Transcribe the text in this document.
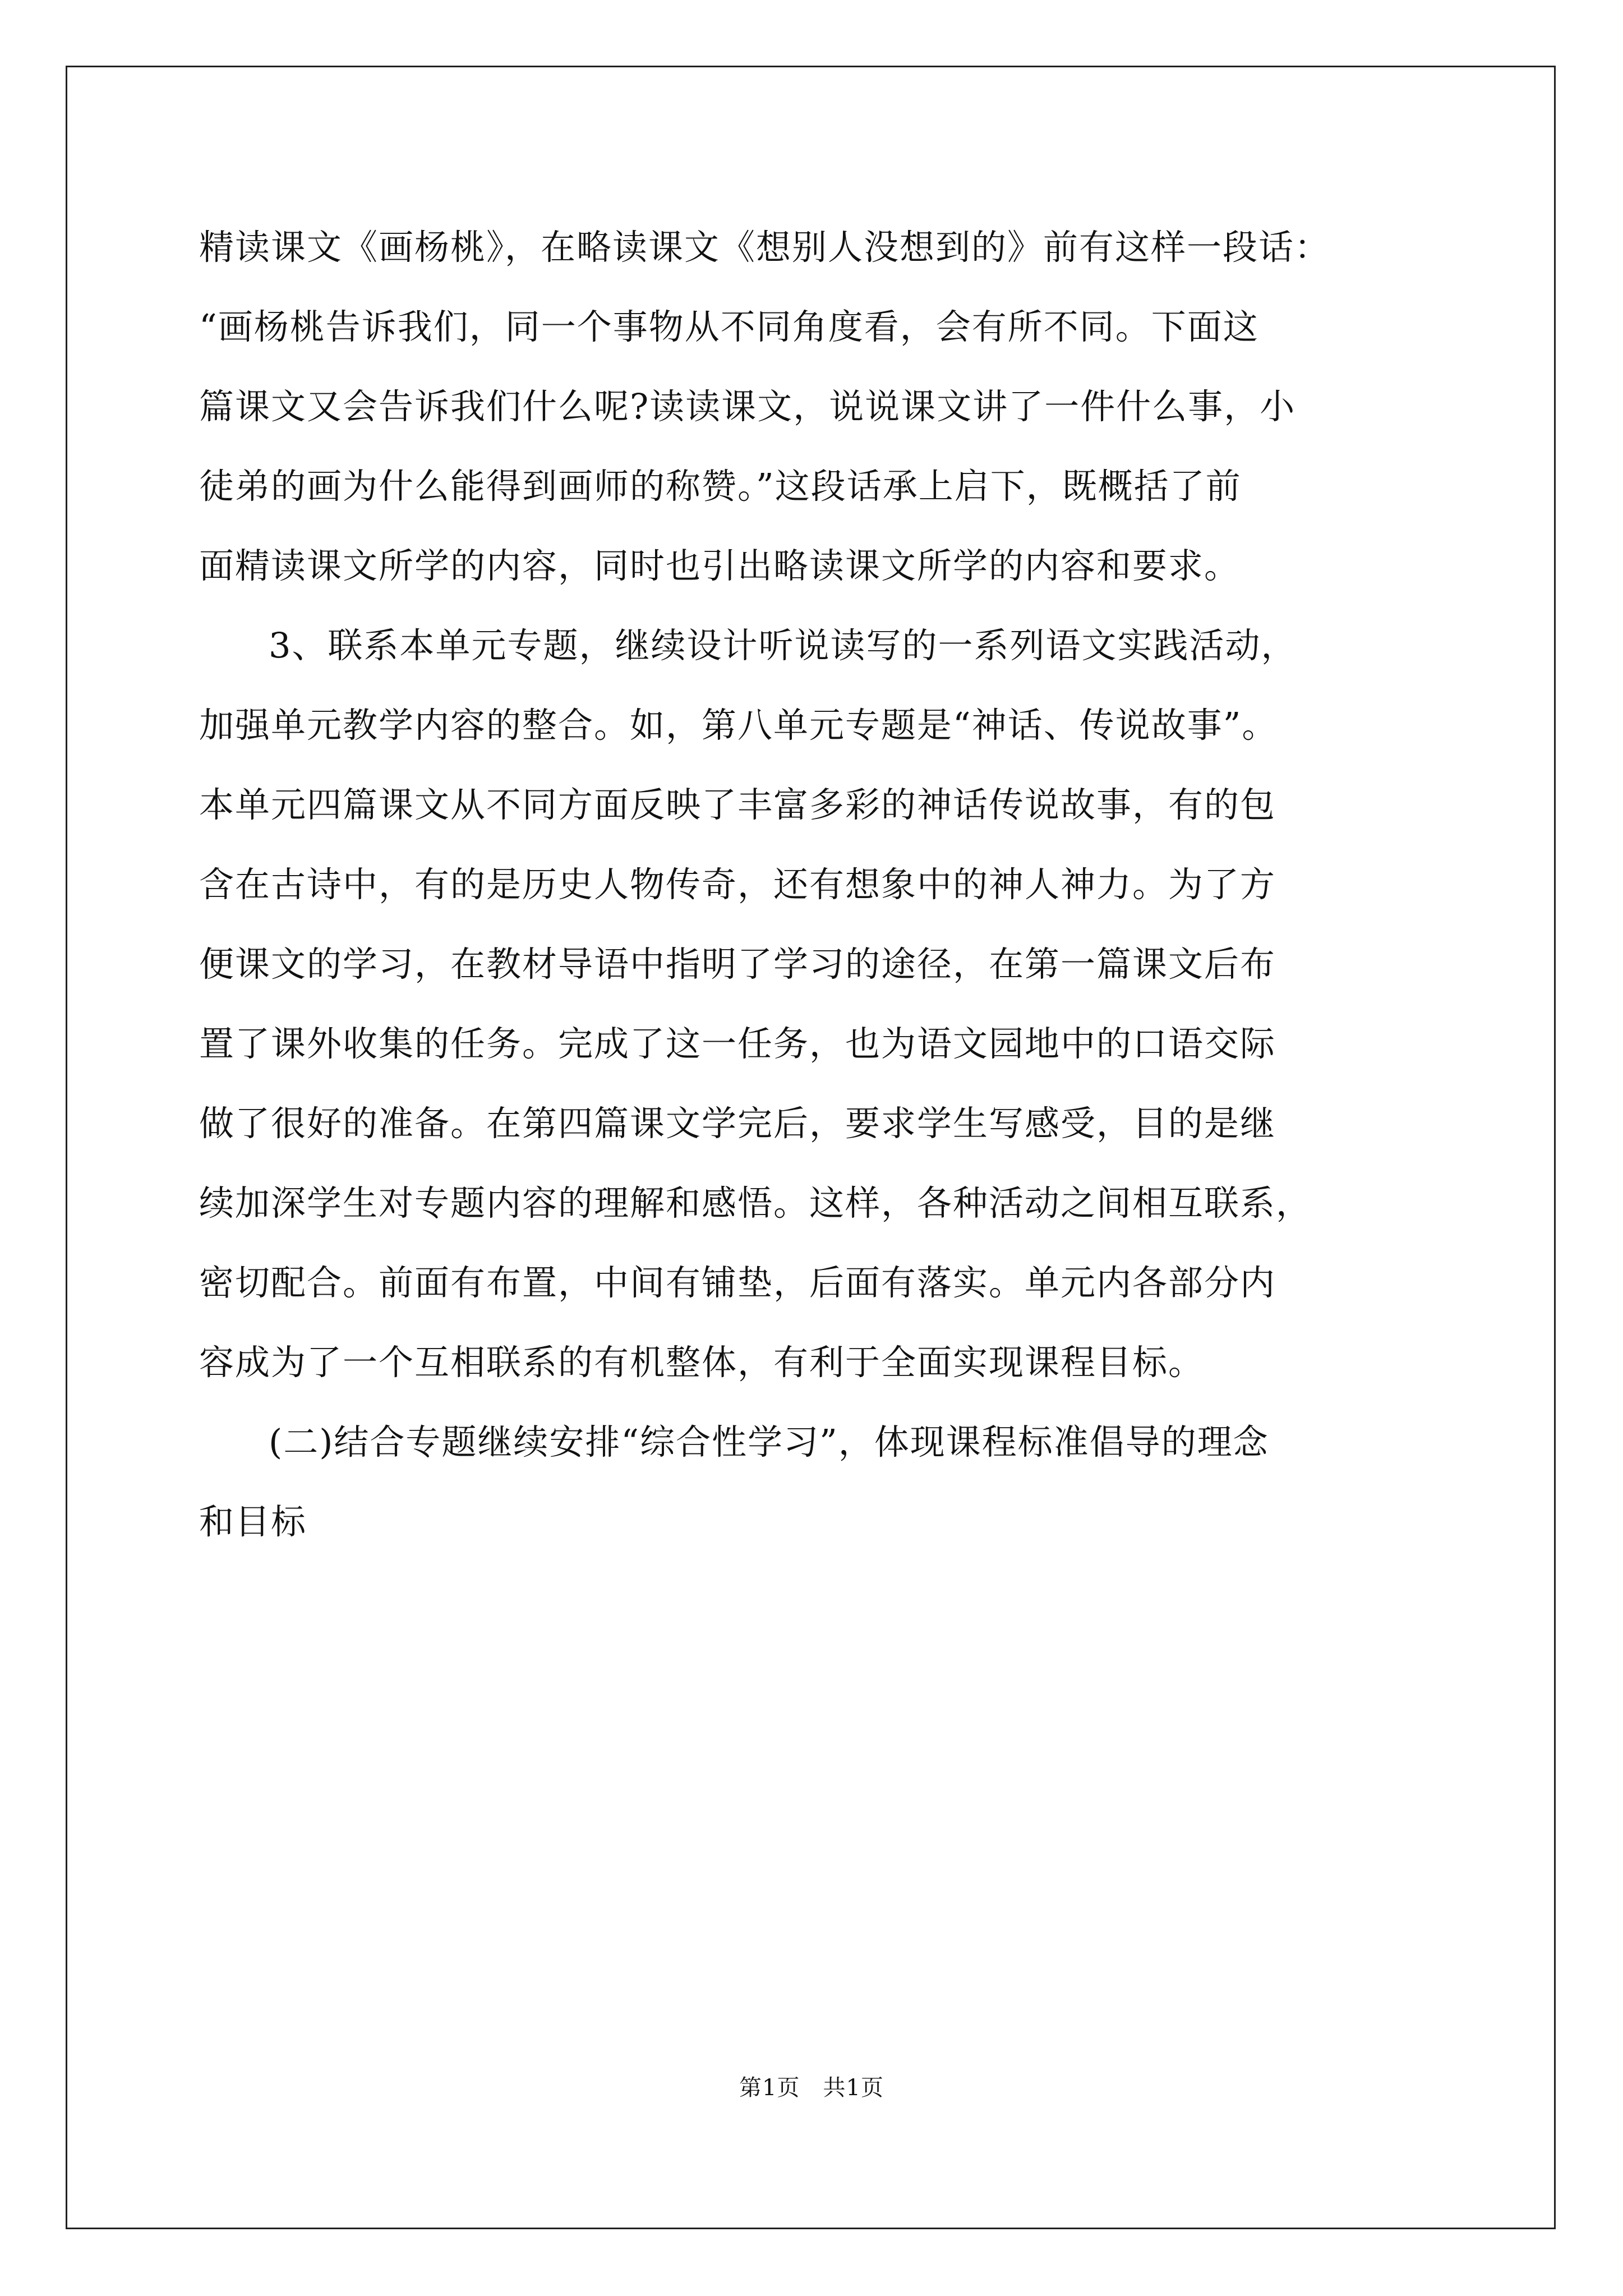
精读课文《画杨桃》，在略读课文《想别人没想到的》前有这样一段话：
“画杨桃告诉我们，同一个事物从不同角度看，会有所不同。下面这
篇课文又会告诉我们什么呢?读读课文，说说课文讲了一件什么事，小
徒弟的画为什么能得到画师的称赞。”这段话承上启下，既概括了前
面精读课文所学的内容，同时也引出略读课文所学的内容和要求。

3、联系本单元专题，继续设计听说读写的一系列语文实践活动，
加强单元教学内容的整合。如，第八单元专题是“神话、传说故事”。
本单元四篇课文从不同方面反映了丰富多彩的神话传说故事，有的包
含在古诗中，有的是历史人物传奇，还有想象中的神人神力。为了方
便课文的学习，在教材导语中指明了学习的途径，在第一篇课文后布
置了课外收集的任务。完成了这一任务，也为语文园地中的口语交际
做了很好的准备。在第四篇课文学完后，要求学生写感受，目的是继
续加深学生对专题内容的理解和感悟。这样，各种活动之间相互联系，
密切配合。前面有布置，中间有铺垫，后面有落实。单元内各部分内
容成为了一个互相联系的有机整体，有利于全面实现课程目标。

(二)结合专题继续安排“综合性学习”，体现课程标准倡导的理念
和目标

第1页　共1页
